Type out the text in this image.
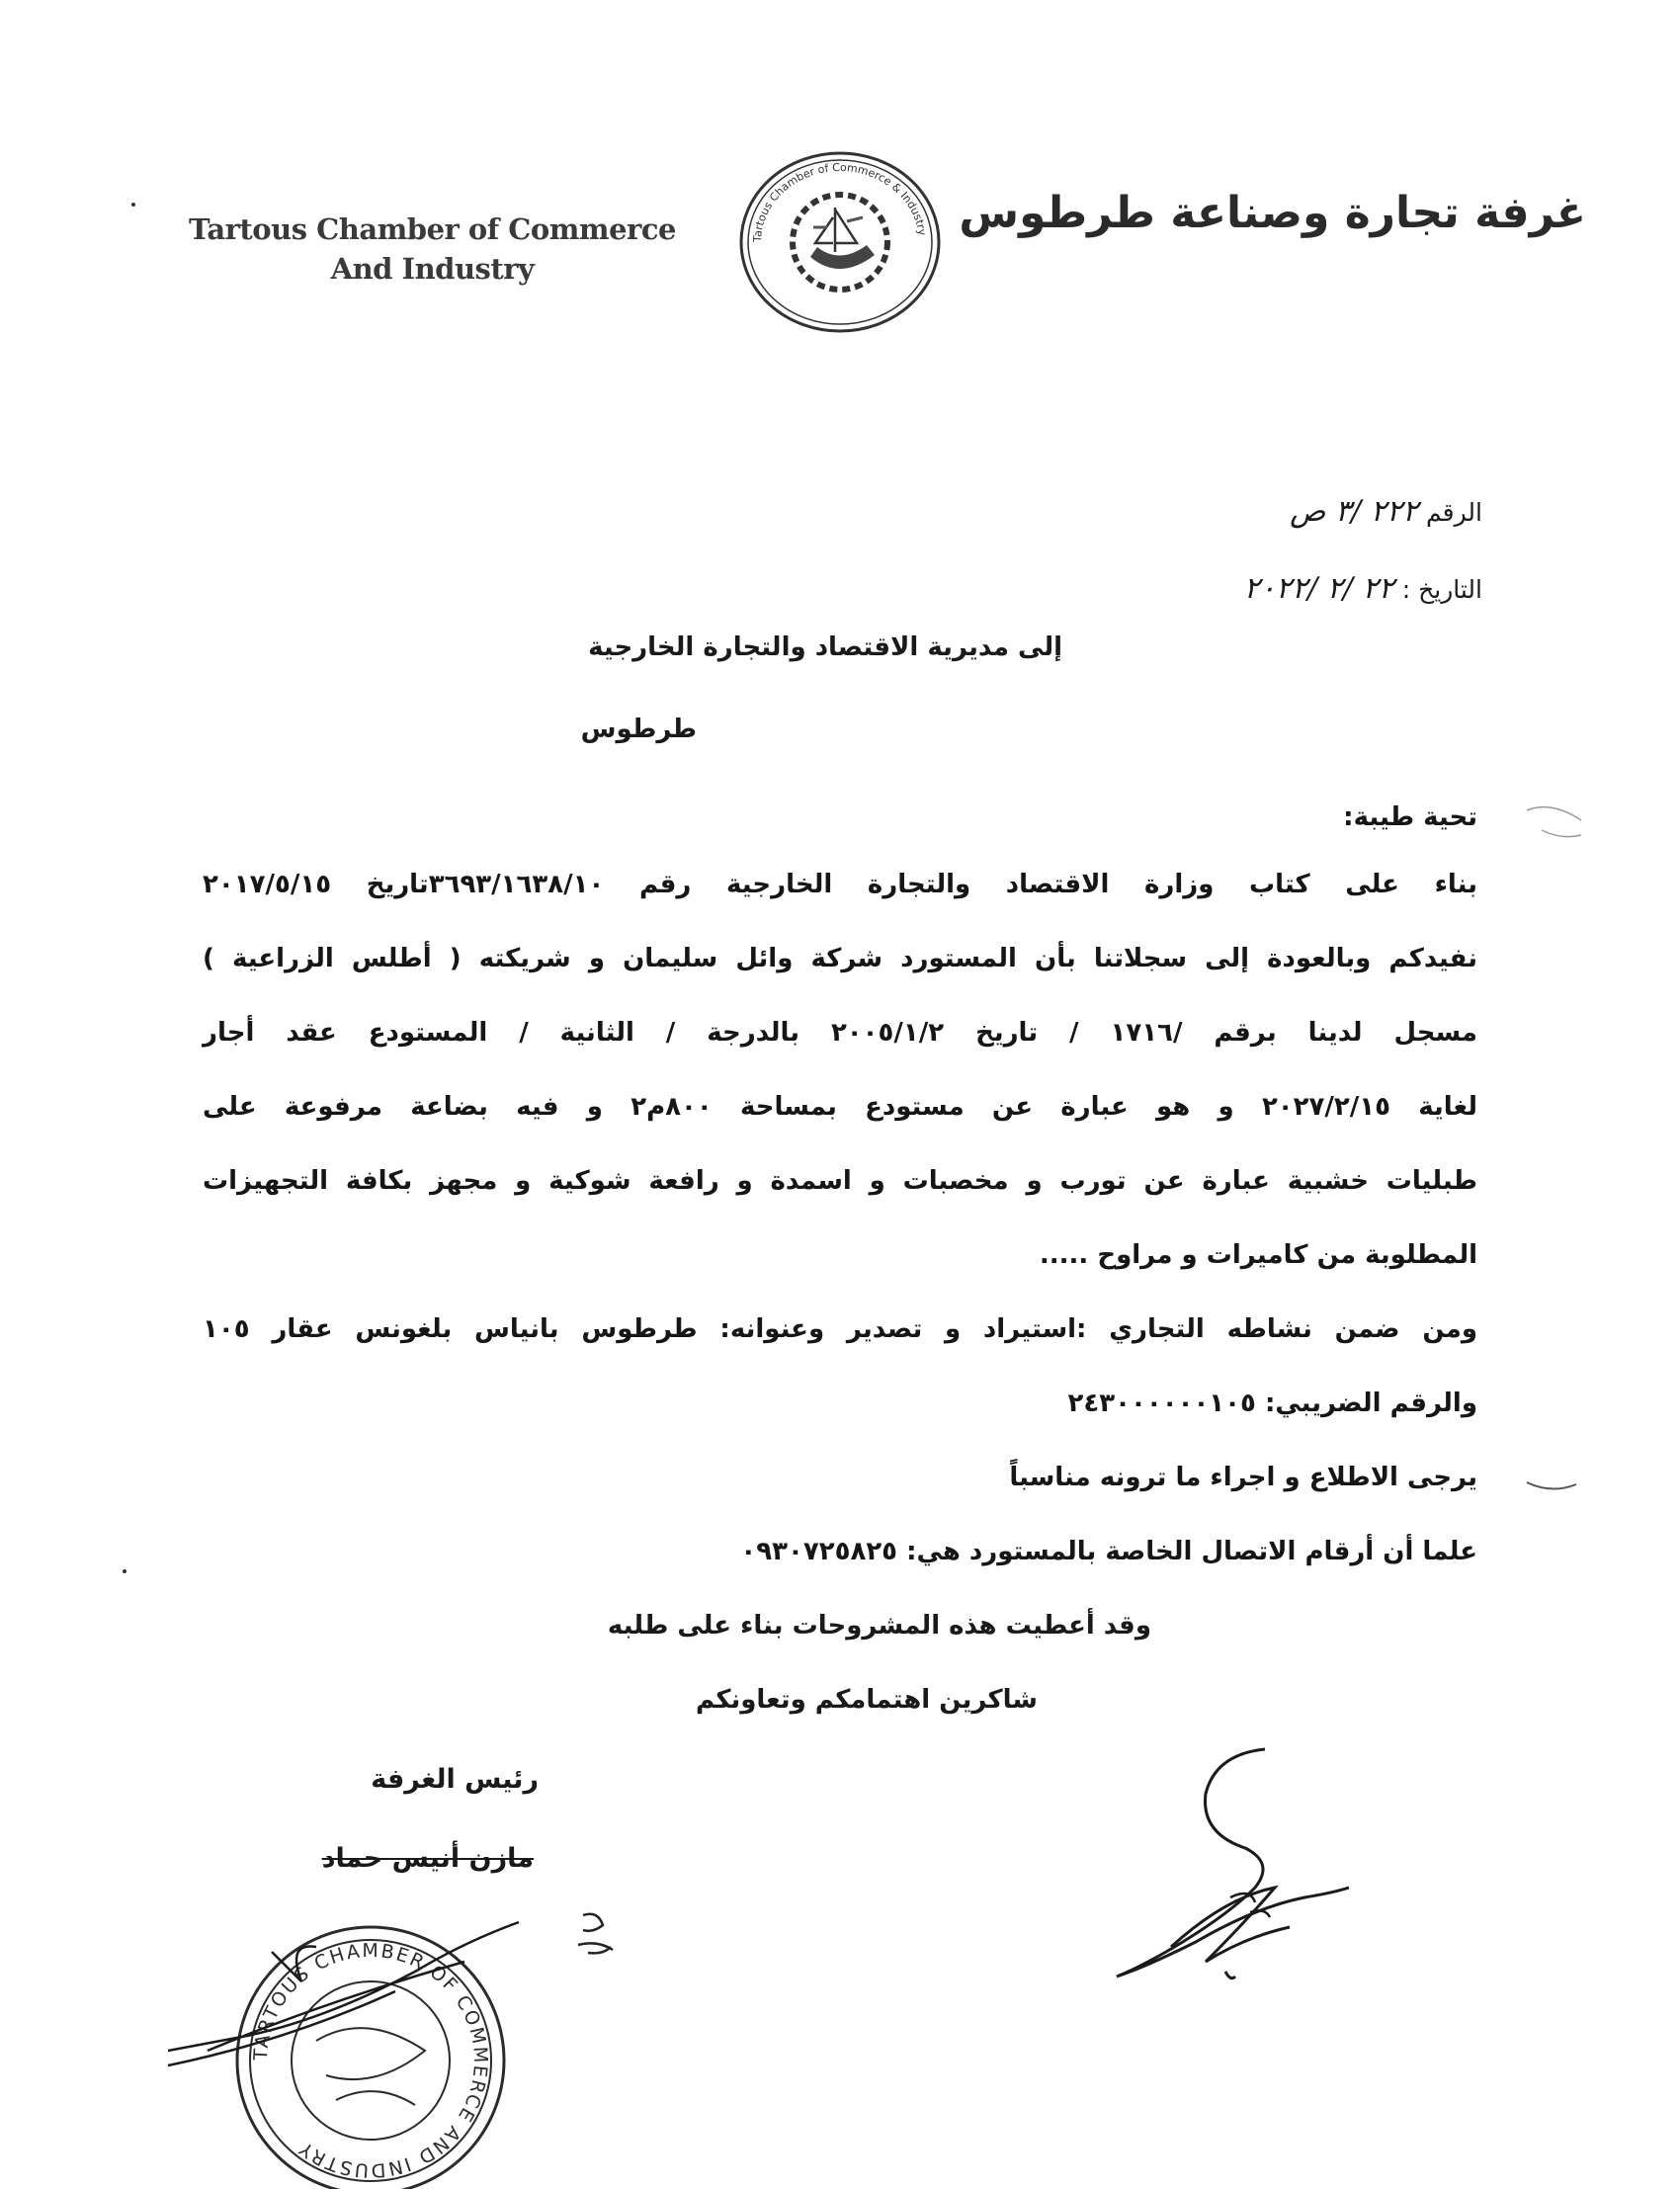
Tartous Chamber of Commerce
And Industry
Tartous Chamber of Commerce & Industry غرفة تجارة وصناعة طرطوس
الرقم ٢٢٢ /٣ ص
التاريخ : ٢٢ /٢ /٢٠٢٢
إلى مديرية الاقتصاد والتجارة الخارجية
طرطوس
تحية طيبة:
بناء على كتاب وزارة الاقتصاد والتجارة الخارجية رقم ٣٦٩٣/١٦٣٨/١٠تاريخ ٢٠١٧/٥/١٥
نفيدكم وبالعودة إلى سجلاتنا بأن المستورد شركة وائل سليمان و شريكته ( أطلس الزراعية )
مسجل لدينا برقم /١٧١٦ / تاريخ ٢٠٠٥/١/٢ بالدرجة / الثانية / المستودع عقد أجار
لغاية ٢٠٢٧/٢/١٥ و هو عبارة عن مستودع بمساحة ٨٠٠م٢ و فيه بضاعة مرفوعة على
طبليات خشبية عبارة عن تورب و مخصبات و اسمدة و رافعة شوكية و مجهز بكافة التجهيزات
المطلوبة من كاميرات و مراوح .....
ومن ضمن نشاطه التجاري :استيراد و تصدير وعنوانه: طرطوس بانياس بلغونس عقار ١٠٥
والرقم الضريبي: ٢٤٣٠٠٠٠٠٠١٠٥
يرجى الاطلاع و اجراء ما ترونه مناسباً
علما أن أرقام الاتصال الخاصة بالمستورد هي: ٠٩٣٠٧٢٥٨٢٥
وقد أعطيت هذه المشروحات بناء على طلبه
شاكرين اهتمامكم وتعاونكم
رئيس الغرفة
مازن أنيس حماد
TARTOUS CHAMBER OF COMMERCE AND INDUSTRY
